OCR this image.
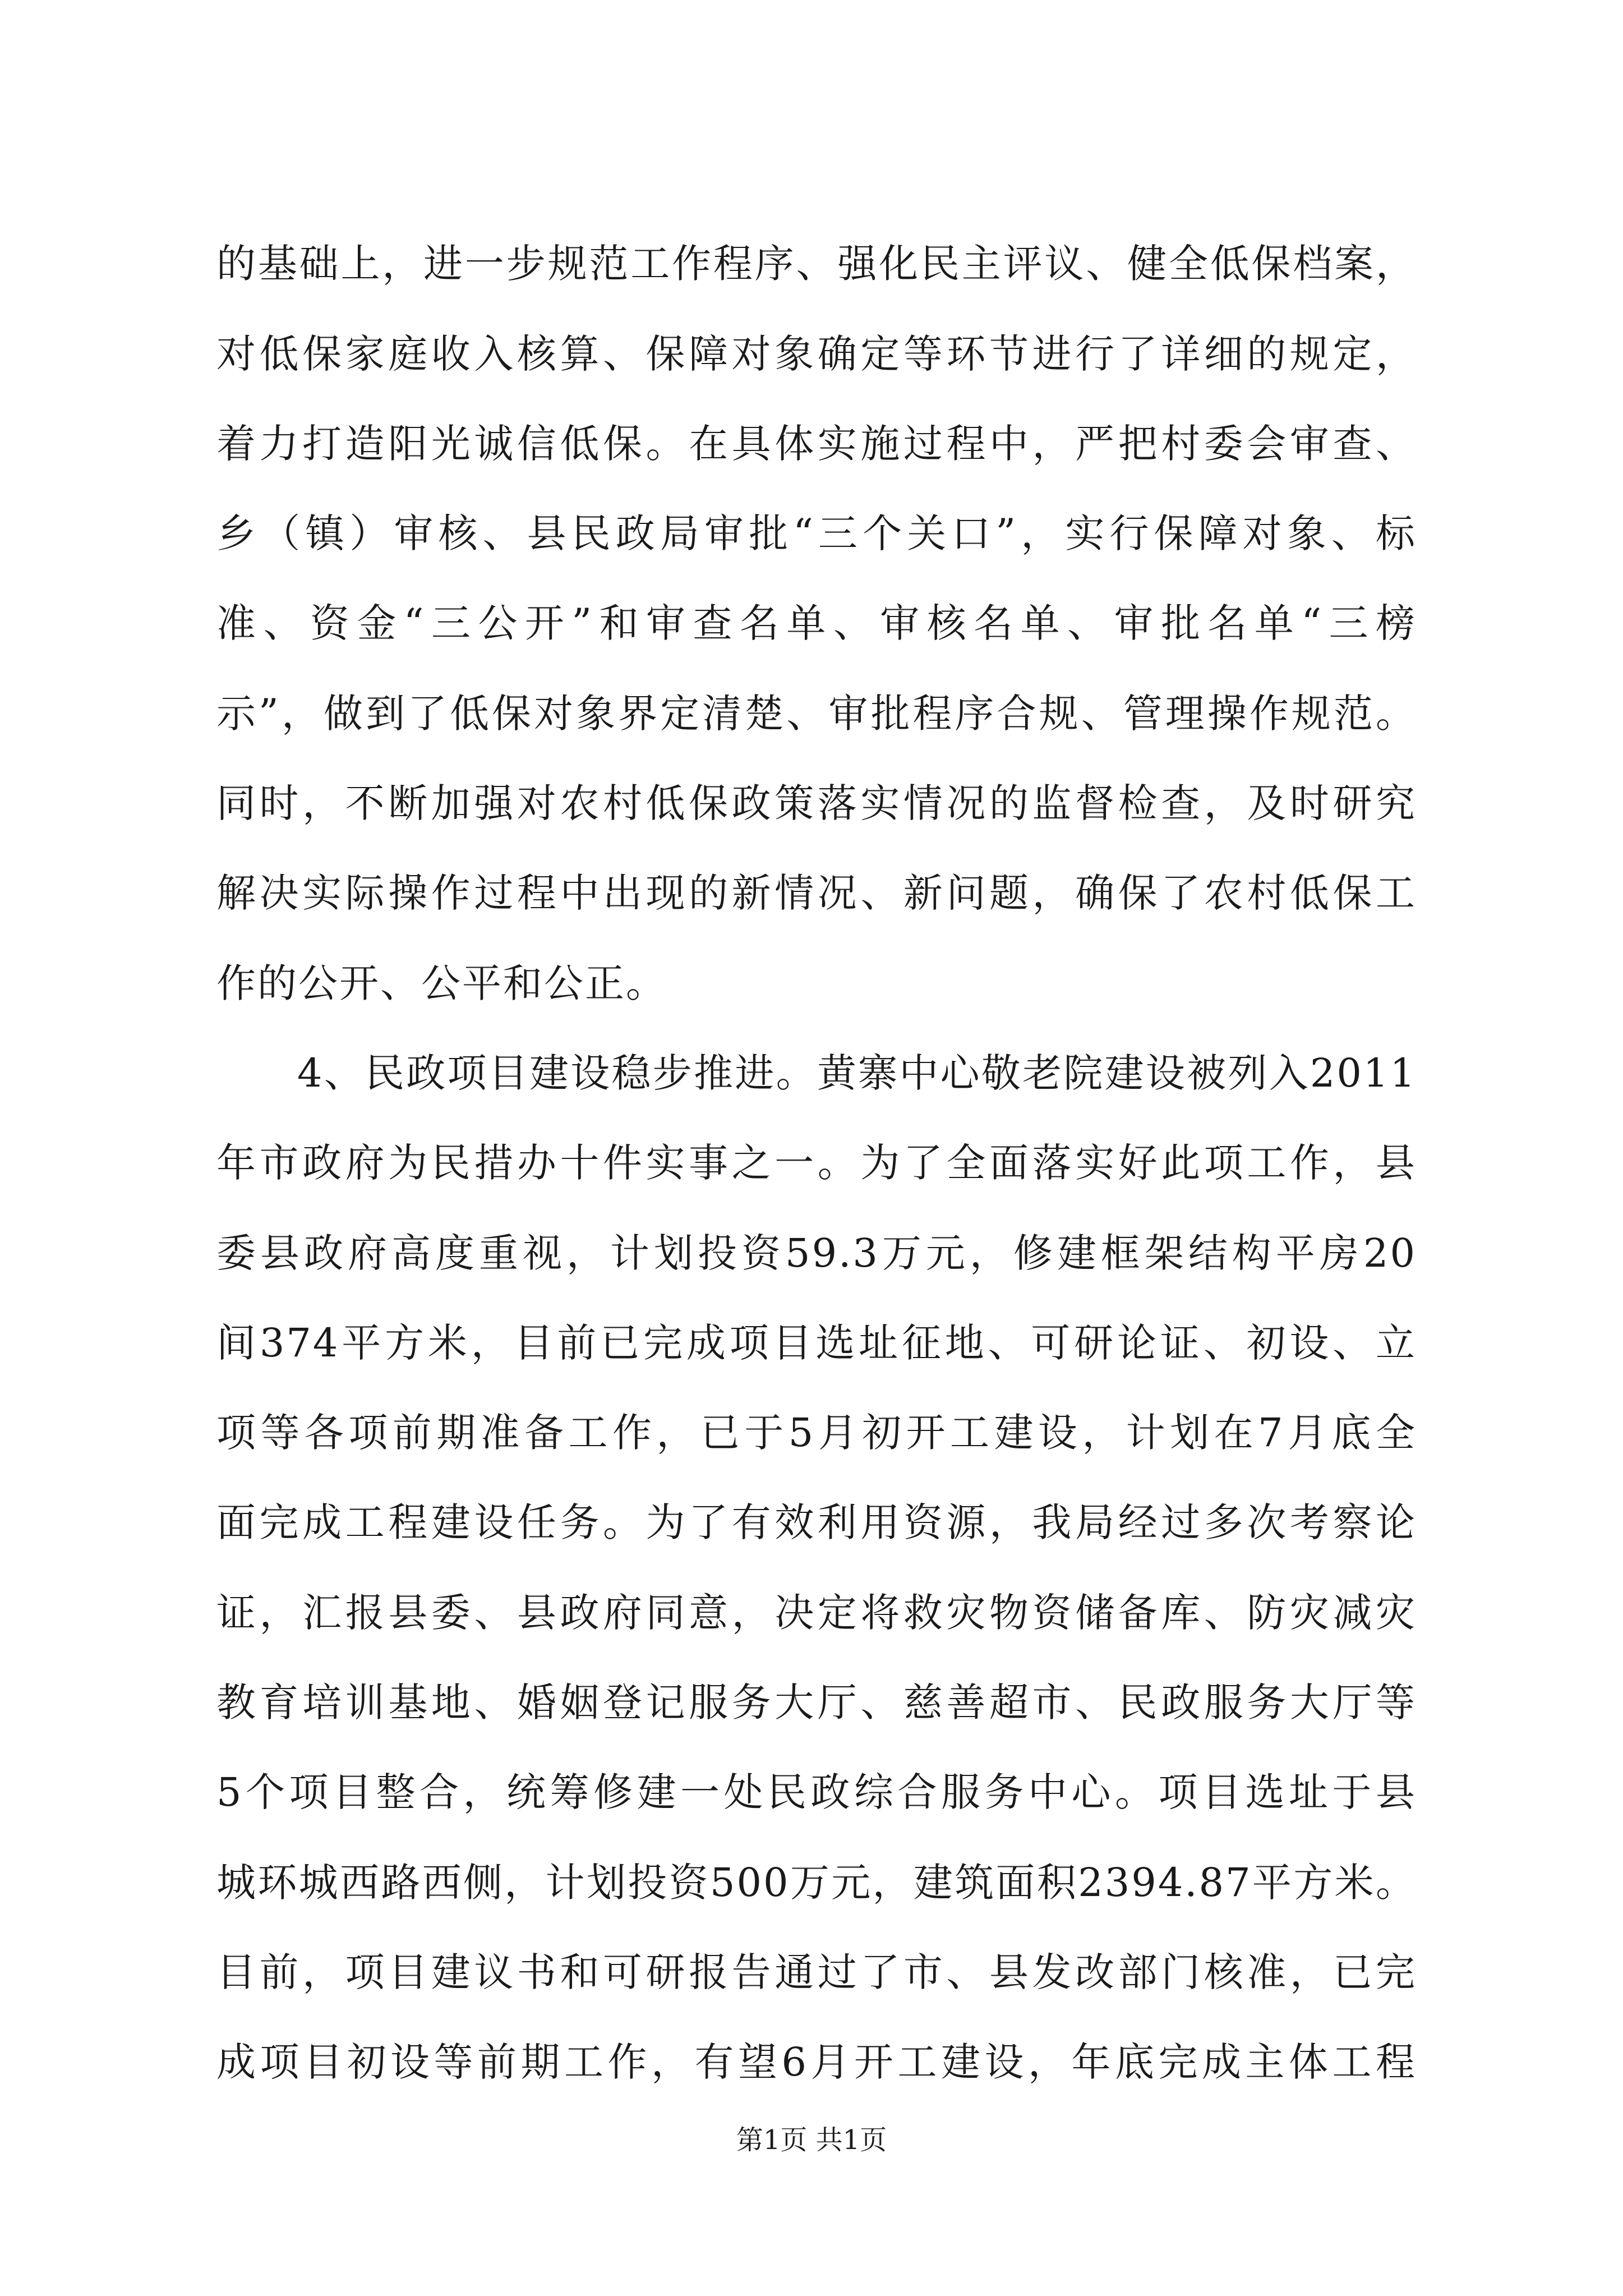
的基础上，进一步规范工作程序、强化民主评议、健全低保档案，
对低保家庭收入核算、保障对象确定等环节进行了详细的规定，
着力打造阳光诚信低保。在具体实施过程中，严把村委会审查、
乡（镇）审核、县民政局审批“三个关口”，实行保障对象、标
准、资金“三公开”和审查名单、审核名单、审批名单“三榜
示”，做到了低保对象界定清楚、审批程序合规、管理操作规范。
同时，不断加强对农村低保政策落实情况的监督检查，及时研究
解决实际操作过程中出现的新情况、新问题，确保了农村低保工
作的公开、公平和公正。
4、民政项目建设稳步推进。黄寨中心敬老院建设被列入2011
年市政府为民措办十件实事之一。为了全面落实好此项工作，县
委县政府高度重视，计划投资59.3万元，修建框架结构平房20
间374平方米，目前已完成项目选址征地、可研论证、初设、立
项等各项前期准备工作，已于5月初开工建设，计划在7月底全
面完成工程建设任务。为了有效利用资源，我局经过多次考察论
证，汇报县委、县政府同意，决定将救灾物资储备库、防灾减灾
教育培训基地、婚姻登记服务大厅、慈善超市、民政服务大厅等
5个项目整合，统筹修建一处民政综合服务中心。项目选址于县
城环城西路西侧，计划投资500万元，建筑面积2394.87平方米。
目前，项目建议书和可研报告通过了市、县发改部门核准，已完
成项目初设等前期工作，有望6月开工建设，年底完成主体工程
第1页 共1页
